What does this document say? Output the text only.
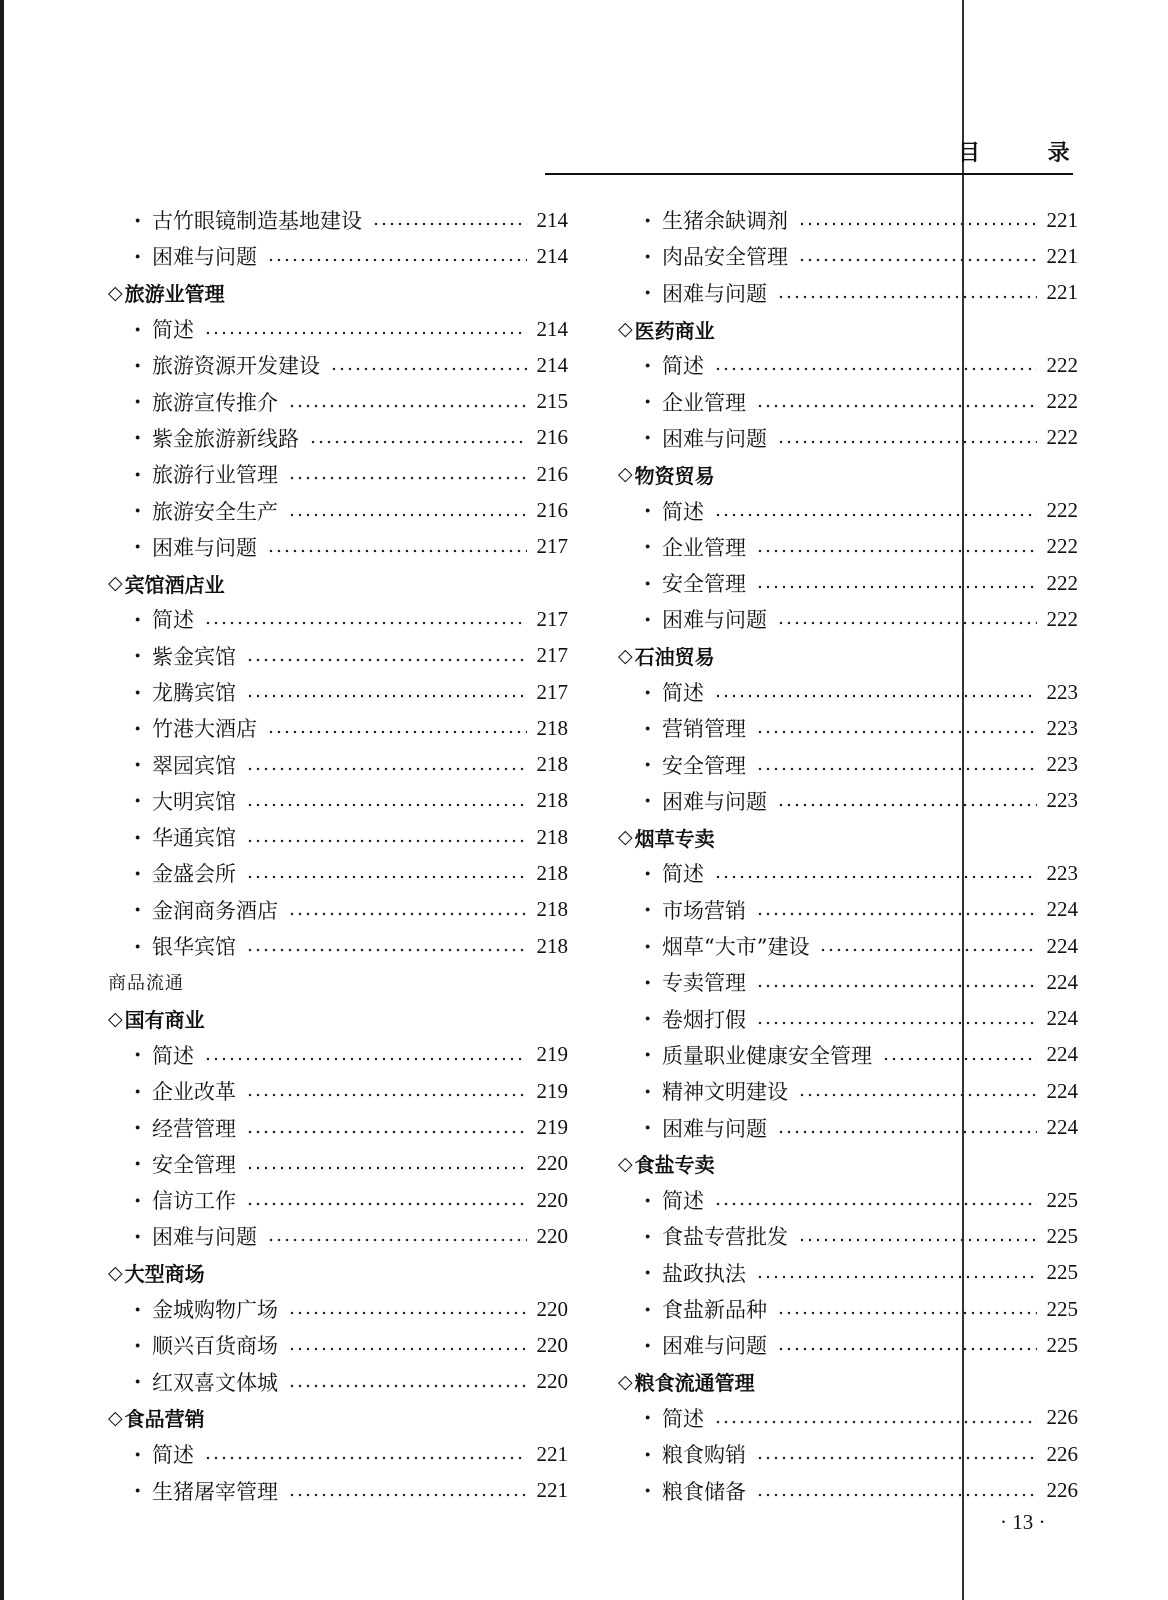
目 录
· 古竹眼镜制造基地建设	214
· 困难与问题	214
◇ 旅游业管理
· 简述	214
· 旅游资源开发建设	214
· 旅游宣传推介	215
· 紫金旅游新线路	216
· 旅游行业管理	216
· 旅游安全生产	216
· 困难与问题	217
◇ 宾馆酒店业
· 简述	217
· 紫金宾馆	217
· 龙腾宾馆	217
· 竹港大酒店	218
· 翠园宾馆	218
· 大明宾馆	218
· 华通宾馆	218
· 金盛会所	218
· 金润商务酒店	218
· 银华宾馆	218
商品流通
◇ 国有商业
· 简述	219
· 企业改革	219
· 经营管理	219
· 安全管理	220
· 信访工作	220
· 困难与问题	220
◇ 大型商场
· 金城购物广场	220
· 顺兴百货商场	220
· 红双喜文体城	220
◇ 食品营销
· 简述	221
· 生猪屠宰管理	221
· 生猪余缺调剂	221
· 肉品安全管理	221
· 困难与问题	221
◇ 医药商业
· 简述	222
· 企业管理	222
· 困难与问题	222
◇ 物资贸易
· 简述	222
· 企业管理	222
· 安全管理	222
· 困难与问题	222
◇ 石油贸易
· 简述	223
· 营销管理	223
· 安全管理	223
· 困难与问题	223
◇ 烟草专卖
· 简述	223
· 市场营销	224
· 烟草“大市”建设	224
· 专卖管理	224
· 卷烟打假	224
· 质量职业健康安全管理	224
· 精神文明建设	224
· 困难与问题	224
◇ 食盐专卖
· 简述	225
· 食盐专营批发	225
· 盐政执法	225
· 食盐新品种	225
· 困难与问题	225
◇ 粮食流通管理
· 简述	226
· 粮食购销	226
· 粮食储备	226
· 13 ·
